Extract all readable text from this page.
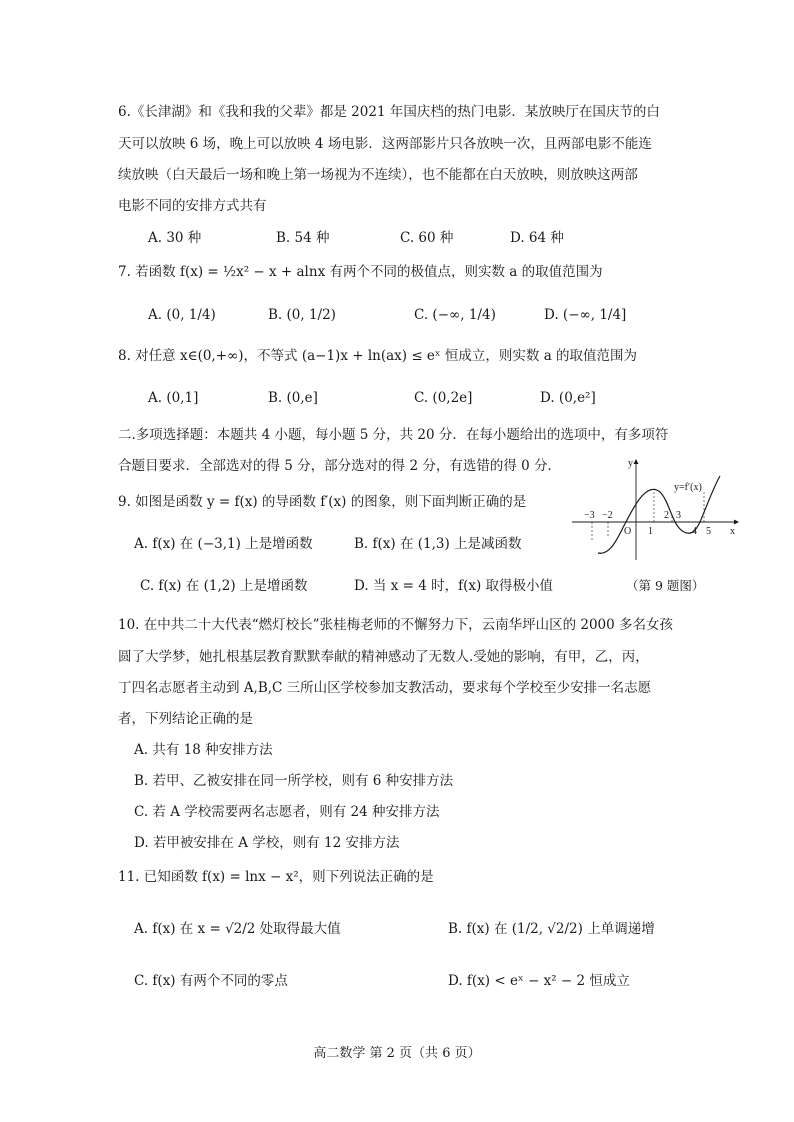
6.《长津湖》和《我和我的父辈》都是 2021 年国庆档的热门电影．某放映厅在国庆节的白
天可以放映 6 场，晚上可以放映 4 场电影．这两部影片只各放映一次，且两部电影不能连
续放映（白天最后一场和晚上第一场视为不连续），也不能都在白天放映，则放映这两部
电影不同的安排方式共有
A. 30 种	B. 54 种	C. 60 种	D. 64 种
7. 若函数 f(x) = ½x² − x + alnx 有两个不同的极值点，则实数 a 的取值范围为
A. (0, 1/4)	B. (0, 1/2)	C. (−∞, 1/4)	D. (−∞, 1/4]
8. 对任意 x∈(0,+∞)，不等式 (a−1)x + ln(ax) ≤ eˣ 恒成立，则实数 a 的取值范围为
A. (0,1]	B. (0,e]	C. (0,2e]	D. (0,e²]
二.多项选择题：本题共 4 小题，每小题 5 分，共 20 分．在每小题给出的选项中，有多项符
合题目要求．全部选对的得 5 分，部分选对的得 2 分，有选错的得 0 分．
9. 如图是函数 y = f(x) 的导函数 f′(x) 的图象，则下面判断正确的是
A. f(x) 在 (−3,1) 上是增函数	B. f(x) 在 (1,3) 上是减函数
C. f(x) 在 (1,2) 上是增函数	D. 当 x = 4 时，f(x) 取得极小值
y
x
O
y=f′(x)
−3 −2
1
2 3
4 5
（第 9 题图）
10. 在中共二十大代表“燃灯校长”张桂梅老师的不懈努力下，云南华坪山区的 2000 多名女孩
圆了大学梦，她扎根基层教育默默奉献的精神感动了无数人.受她的影响，有甲，乙，丙，
丁四名志愿者主动到 A,B,C 三所山区学校参加支教活动，要求每个学校至少安排一名志愿
者，下列结论正确的是
A. 共有 18 种安排方法
B. 若甲、乙被安排在同一所学校，则有 6 种安排方法
C. 若 A 学校需要两名志愿者，则有 24 种安排方法
D. 若甲被安排在 A 学校，则有 12 安排方法
11. 已知函数 f(x) = lnx − x²，则下列说法正确的是
A. f(x) 在 x = √2/2 处取得最大值	B. f(x) 在 (1/2, √2/2) 上单调递增
C. f(x) 有两个不同的零点	D. f(x) < eˣ − x² − 2 恒成立
高二数学 第 2 页（共 6 页）
